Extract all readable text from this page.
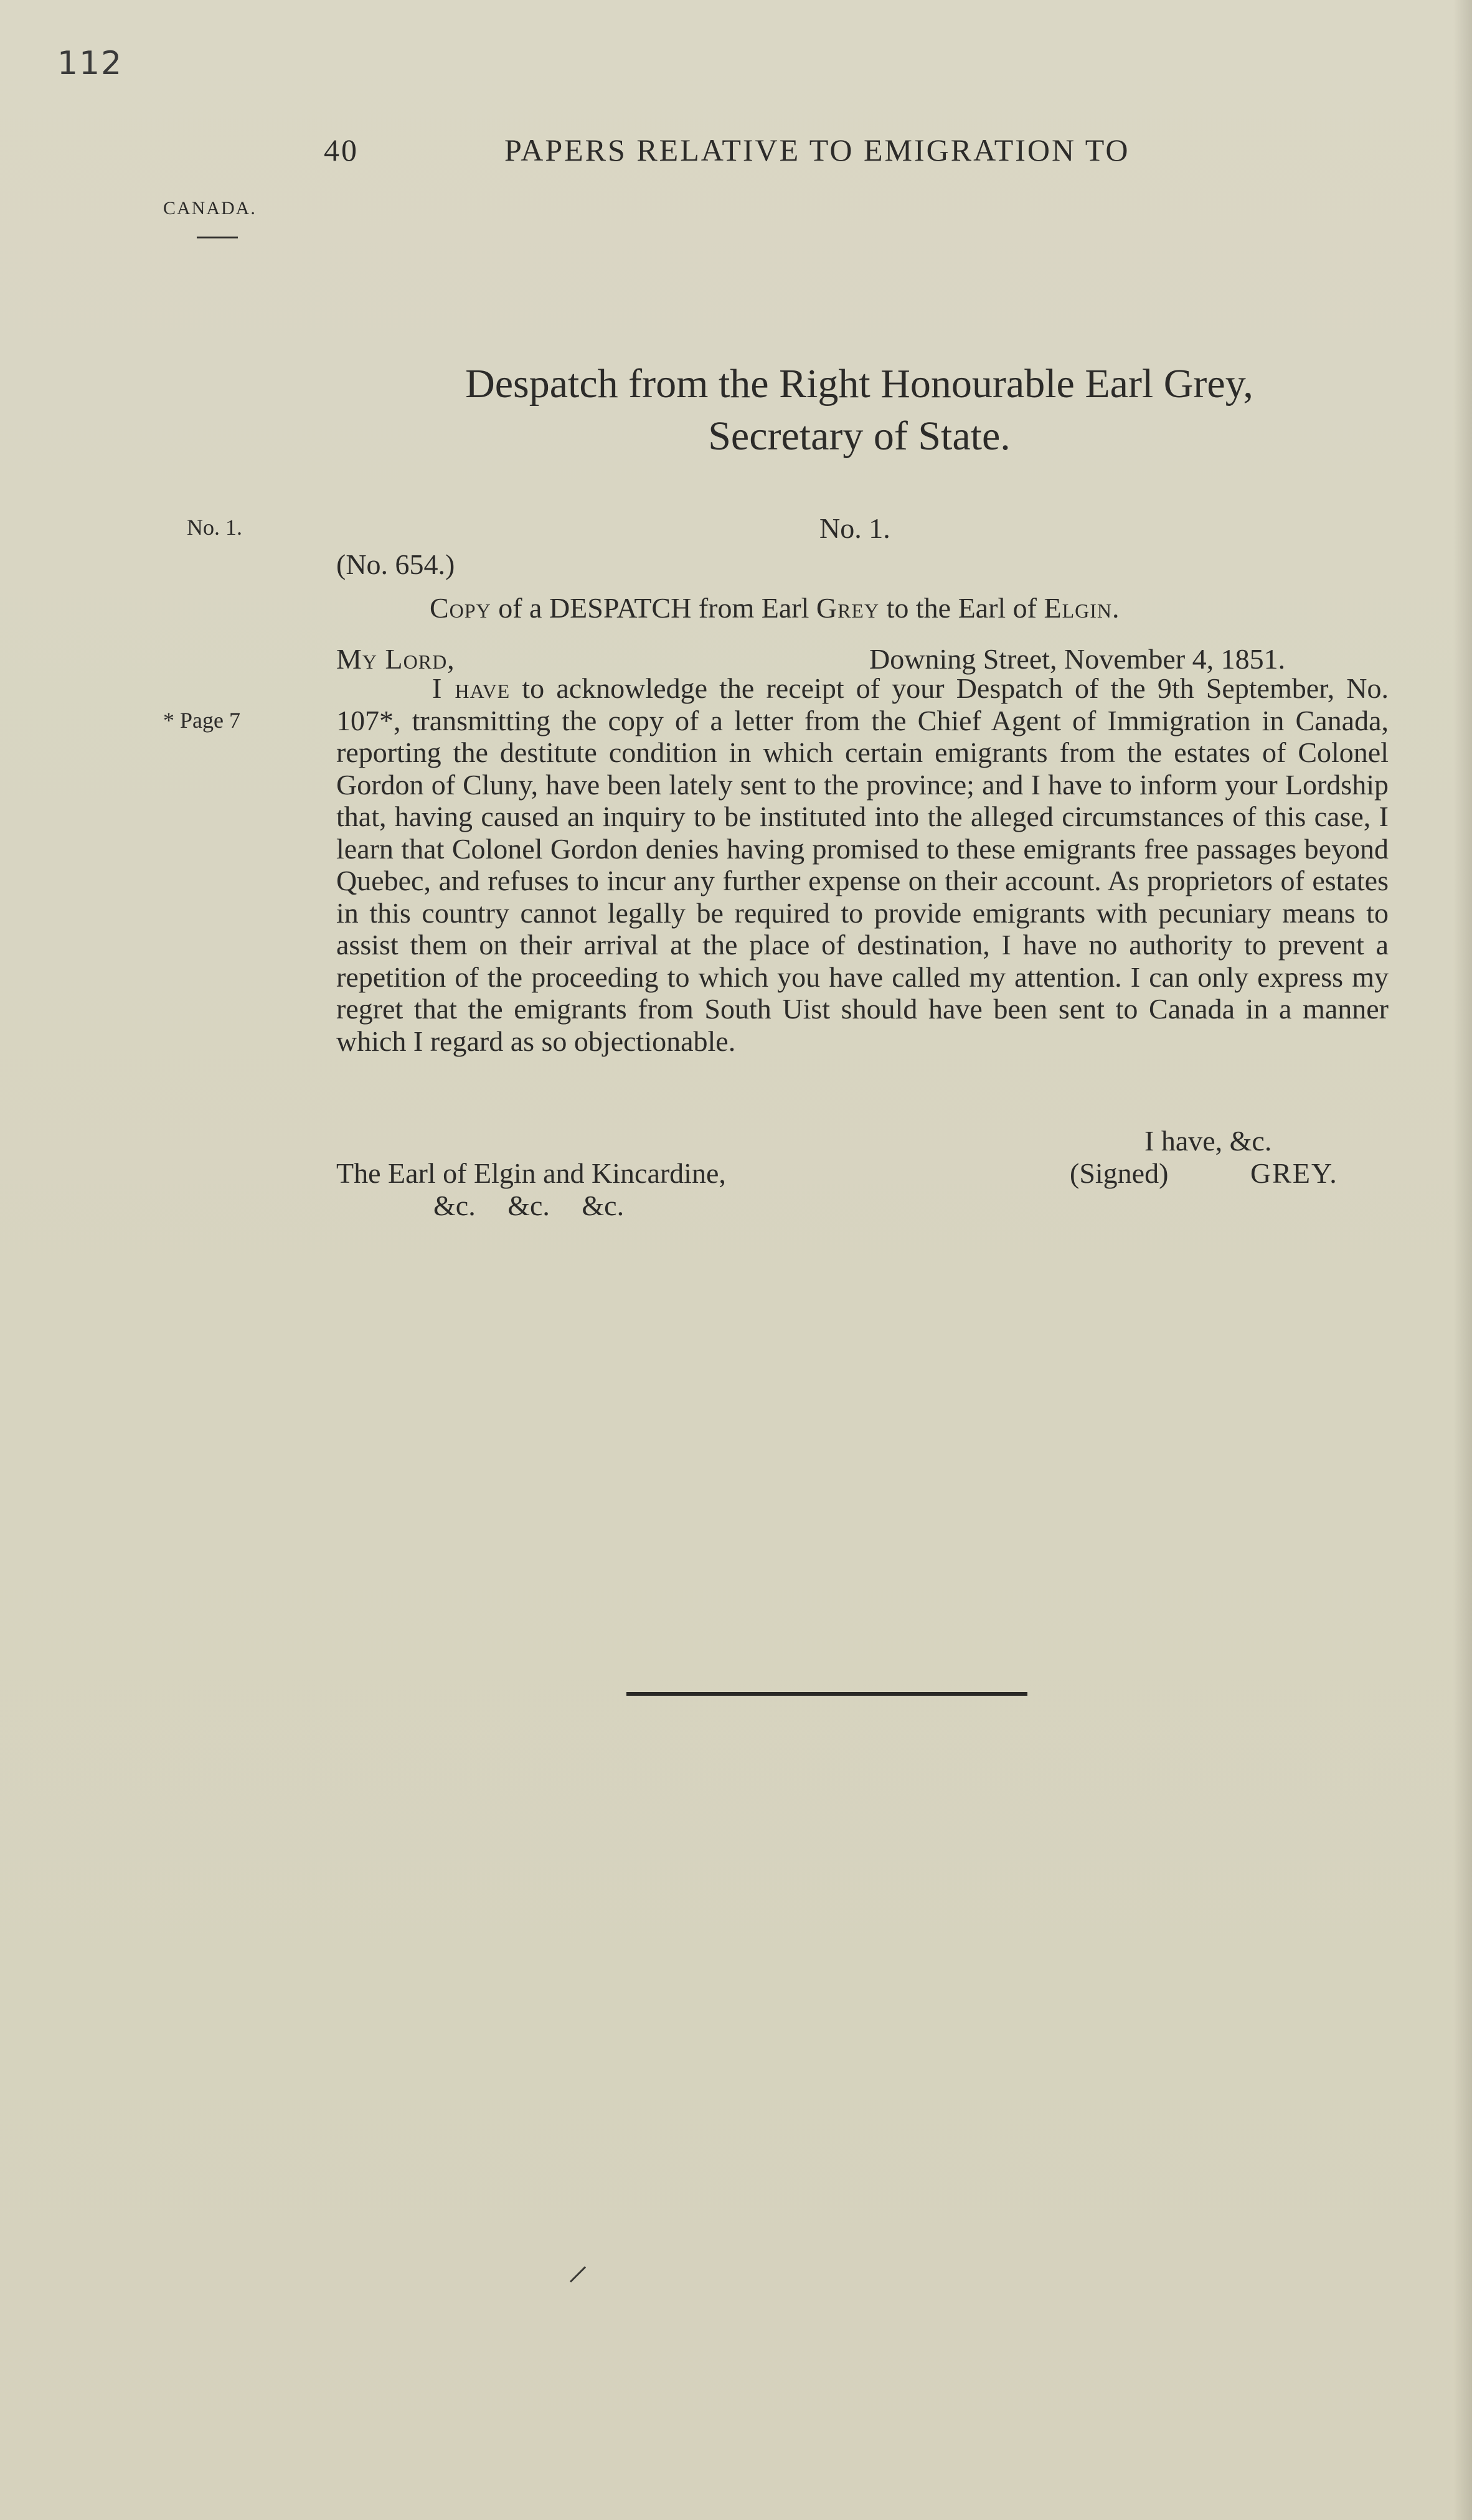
112
40	PAPERS RELATIVE TO EMIGRATION TO
CANADA.
Despatch from the Right Honourable Earl Grey,
Secretary of State.
No. 1.	No. 1.
(No. 654.)
Copy of a DESPATCH from Earl Grey to the Earl of Elgin.
My Lord,	Downing Street, November 4, 1851.
* Page 7

I have to acknowledge the receipt of your Despatch of the 9th September, No. 107*, transmitting the copy of a letter from the Chief Agent of Immigration in Canada, reporting the destitute condition in which certain emigrants from the estates of Colonel Gordon of Cluny, have been lately sent to the province; and I have to inform your Lordship that, having caused an inquiry to be instituted into the alleged circumstances of this case, I learn that Colonel Gordon denies having promised to these emigrants free passages beyond Quebec, and refuses to incur any further expense on their account. As proprietors of estates in this country cannot legally be required to provide emigrants with pecuniary means to assist them on their arrival at the place of destination, I have no authority to prevent a repetition of the proceeding to which you have called my attention. I can only express my regret that the emigrants from South Uist should have been sent to Canada in a manner which I regard as so objectionable.

I have, &c.
The Earl of Elgin and Kincardine,	(Signed)	GREY.
&c. &c. &c.
